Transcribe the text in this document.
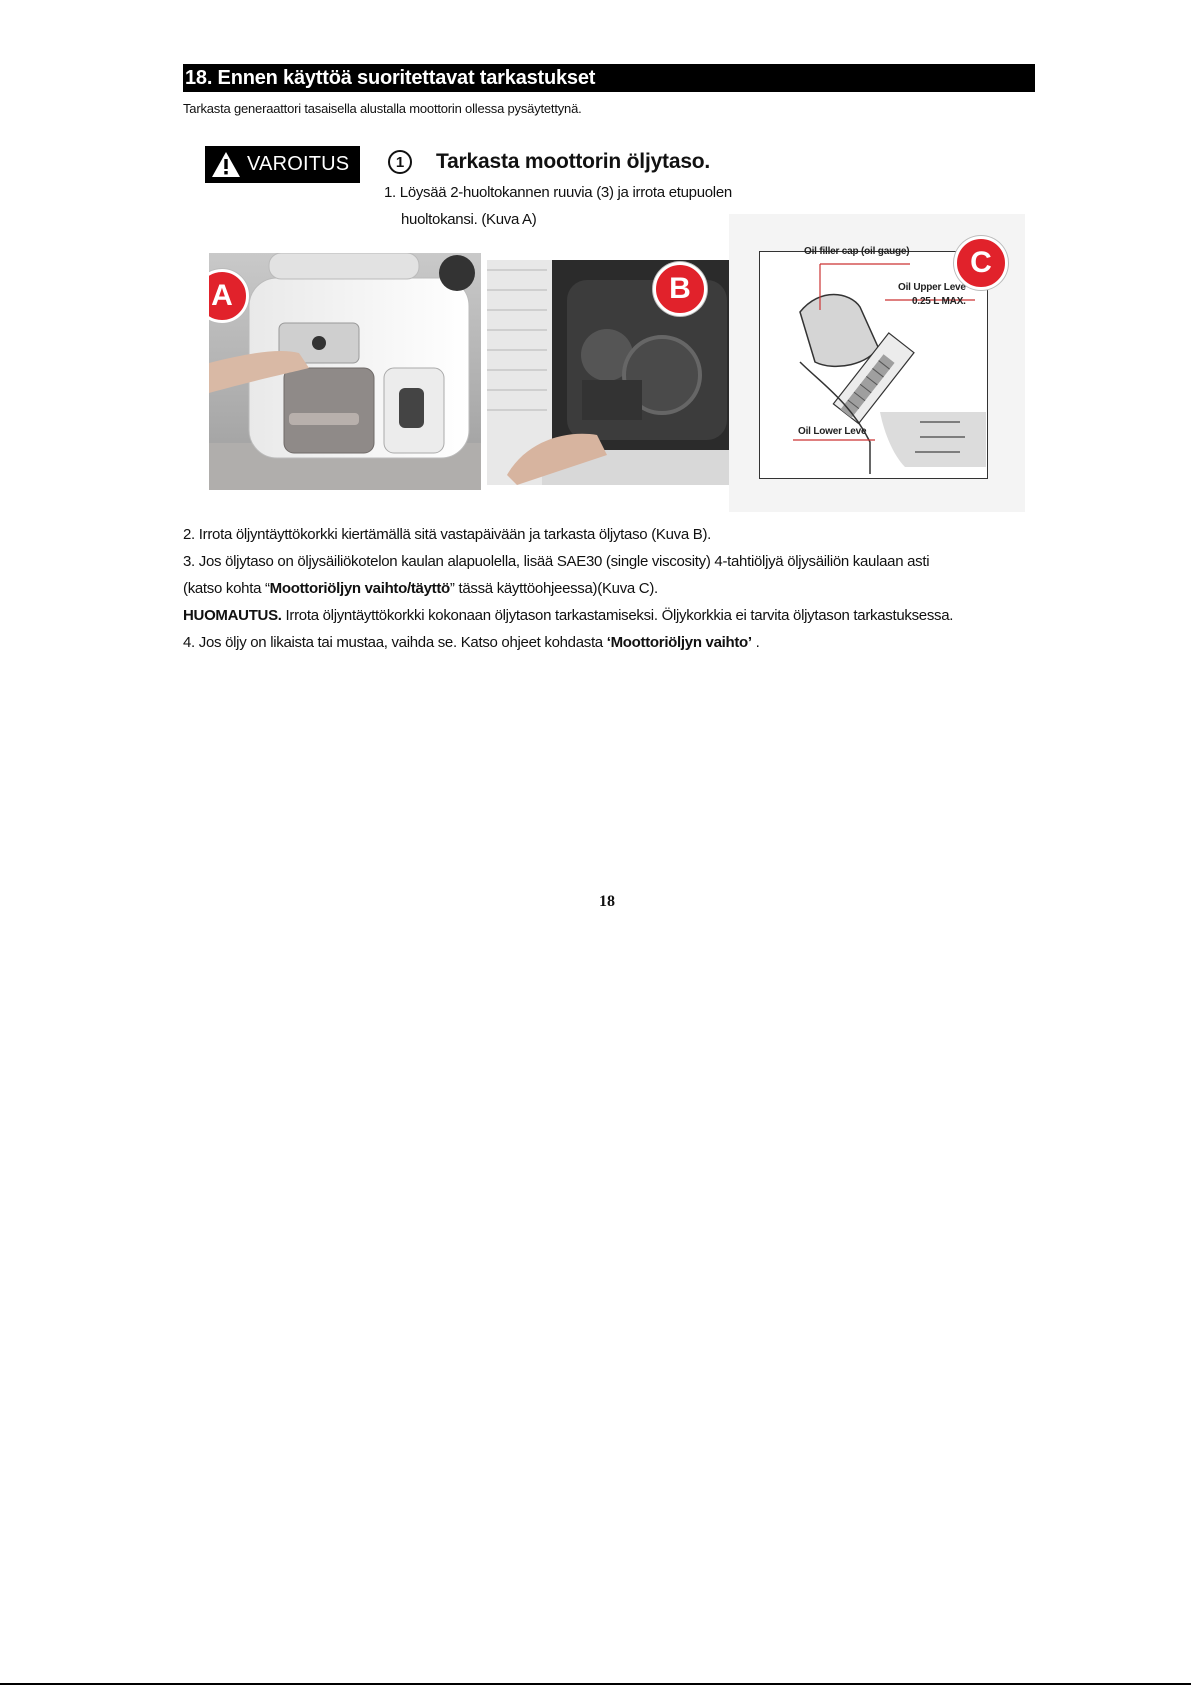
18. Ennen käyttöä suoritettavat tarkastukset
Tarkasta generaattori tasaisella alustalla moottorin ollessa pysäytettynä.
VAROITUS	1	Tarkasta moottorin öljytaso.
1. Löysää 2-huoltokannen ruuvia (3) ja irrota etupuolen
huoltokansi. (Kuva A)
A	B
Oil filler cap (oil gauge)
Oil Upper Leve
0.25 L MAX.
Oil Lower Leve
C
2. Irrota öljyntäyttökorkki kiertämällä sitä vastapäivään ja tarkasta öljytaso (Kuva B).
3. Jos öljytaso on öljysäiliökotelon kaulan alapuolella, lisää SAE30 (single viscosity) 4-tahtiöljyä öljysäiliön kaulaan asti
(katso kohta “Moottoriöljyn vaihto/täyttö” tässä käyttöohjeessa)(Kuva C).
HUOMAUTUS. Irrota öljyntäyttökorkki kokonaan öljytason tarkastamiseksi. Öljykorkkia ei tarvita öljytason tarkastuksessa.
4. Jos öljy on likaista tai mustaa, vaihda se. Katso ohjeet kohdasta ‘Moottoriöljyn vaihto’ .
18
